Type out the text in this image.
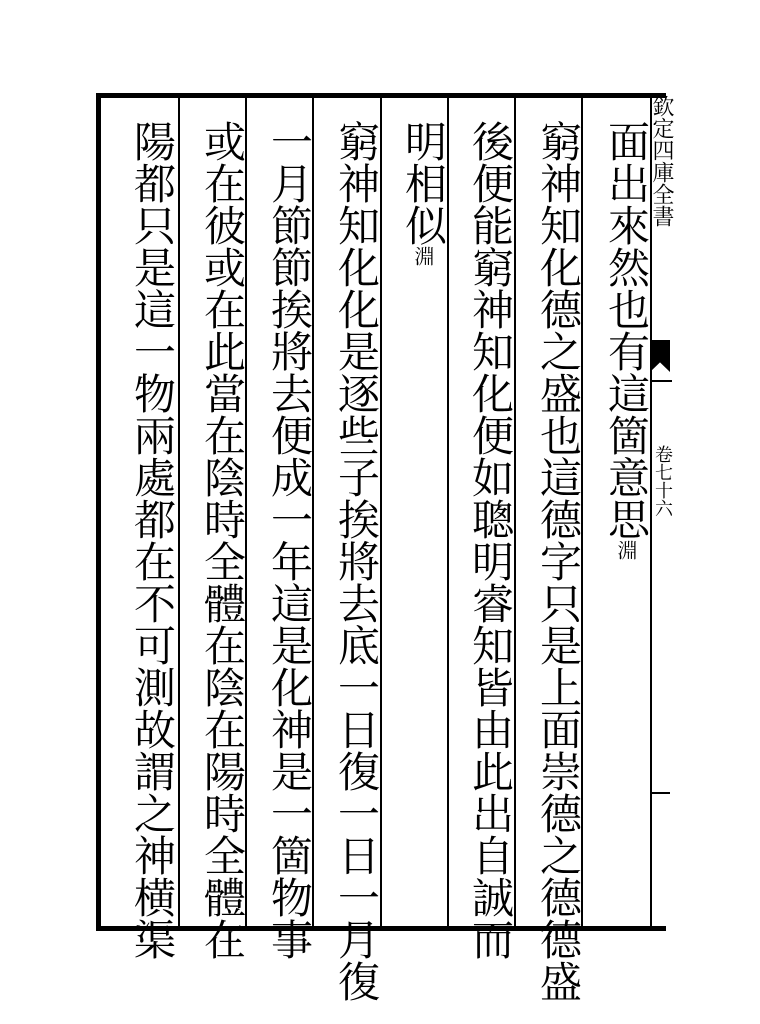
欽定四庫全書
卷七十六
面出來然也有這箇意思淵
窮神知化德之盛也這德字只是上面崇德之德德盛
後便能窮神知化便如聰明睿知皆由此出自誠而
明相似淵
窮神知化化是逐些子挨將去底一日復一日一月復
一月節節挨將去便成一年這是化神是一箇物事
或在彼或在此當在陰時全體在陰在陽時全體在
陽都只是這一物兩處都在不可測故謂之神横渠
